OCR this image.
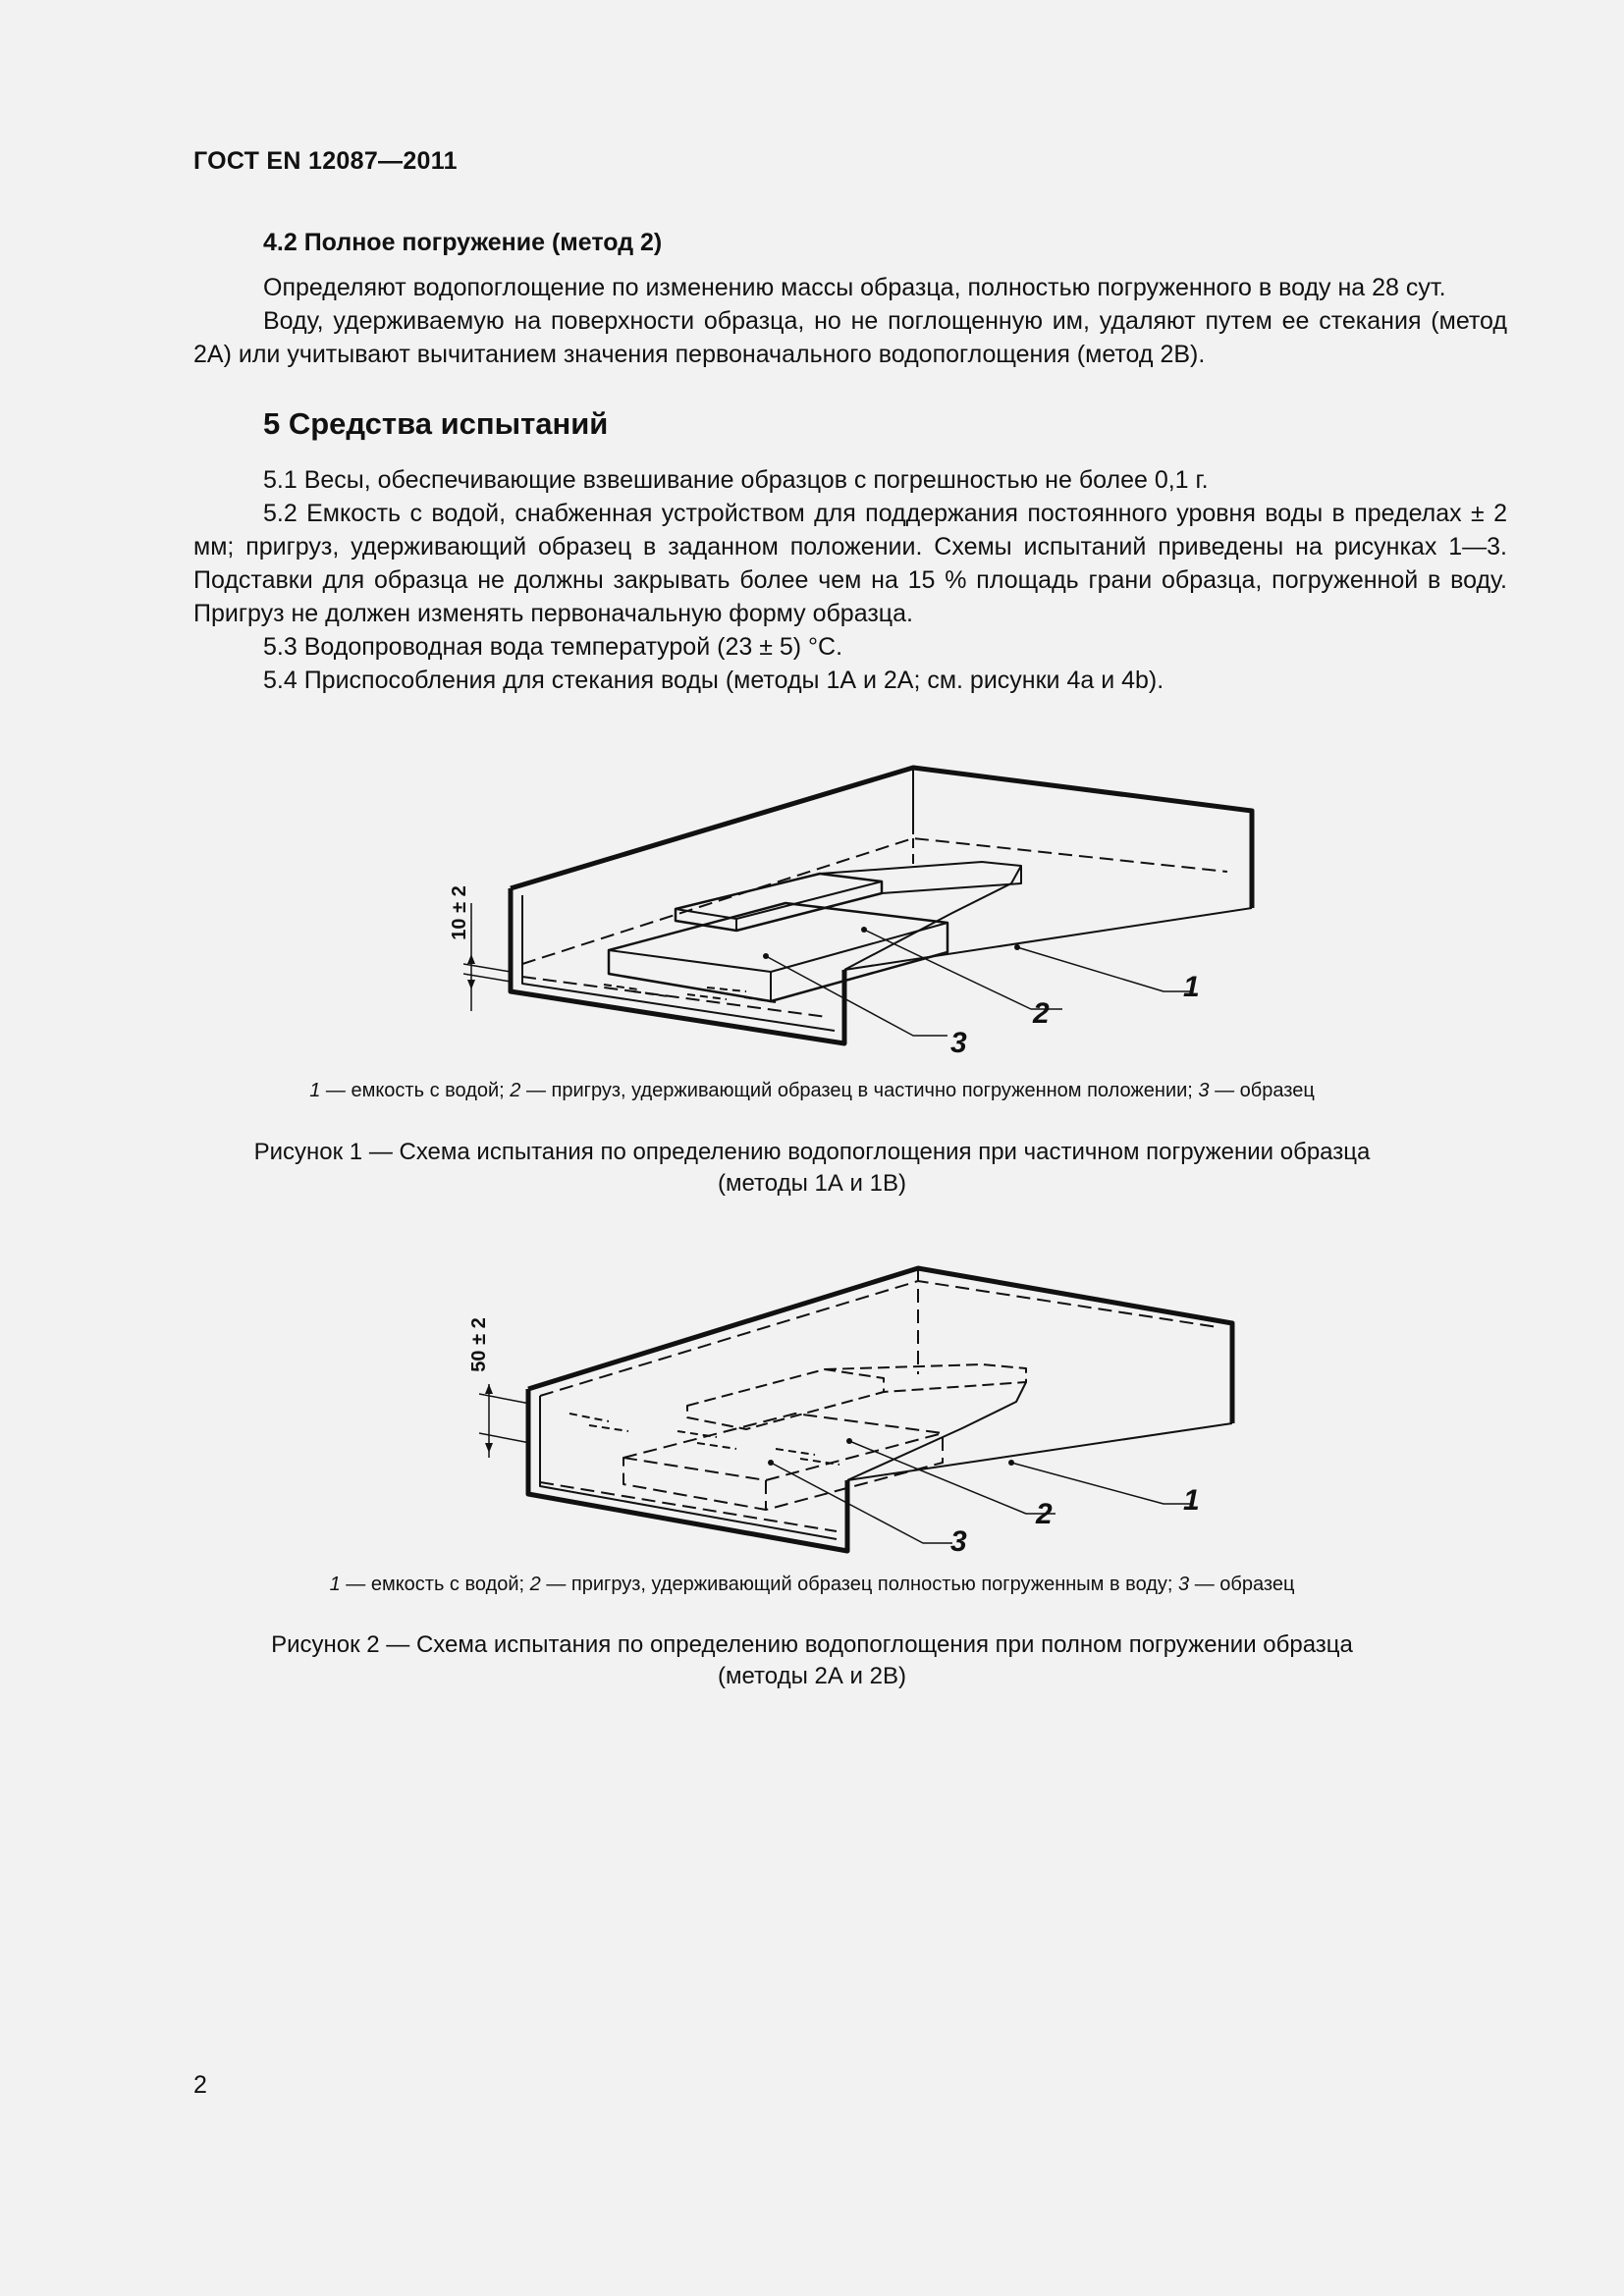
ГОСТ EN 12087—2011

4.2 Полное погружение (метод 2)

Определяют водопоглощение по изменению массы образца, полностью погруженного в воду на 28 сут.

Воду, удерживаемую на поверхности образца, но не поглощенную им, удаляют путем ее стекания (метод 2А) или учитывают вычитанием значения первоначального водопоглощения (метод 2В).

5 Средства испытаний

5.1 Весы, обеспечивающие взвешивание образцов с погрешностью не более 0,1 г.

5.2 Емкость с водой, снабженная устройством для поддержания постоянного уровня воды в пределах ± 2 мм; пригруз, удерживающий образец в заданном положении. Схемы испытаний приведены на рисунках 1—3. Подставки для образца не должны закрывать более чем на 15 % площадь грани образца, погруженной в воду. Пригруз не должен изменять первоначальную форму образца.

5.3 Водопроводная вода температурой (23 ± 5) °С.

5.4 Приспособления для стекания воды (методы 1А и 2А; см. рисунки 4а и 4b).

10 ± 2
1
2
3
1 — емкость с водой; 2 — пригруз, удерживающий образец в частично погруженном положении; 3 — образец
Рисунок 1 — Схема испытания по определению водопоглощения при частичном погружении образца
(методы 1А и 1В)
50 ± 2
1
2
3
1 — емкость с водой; 2 — пригруз, удерживающий образец полностью погруженным в воду; 3 — образец
Рисунок 2 — Схема испытания по определению водопоглощения при полном погружении образца
(методы 2А и 2В)
2
